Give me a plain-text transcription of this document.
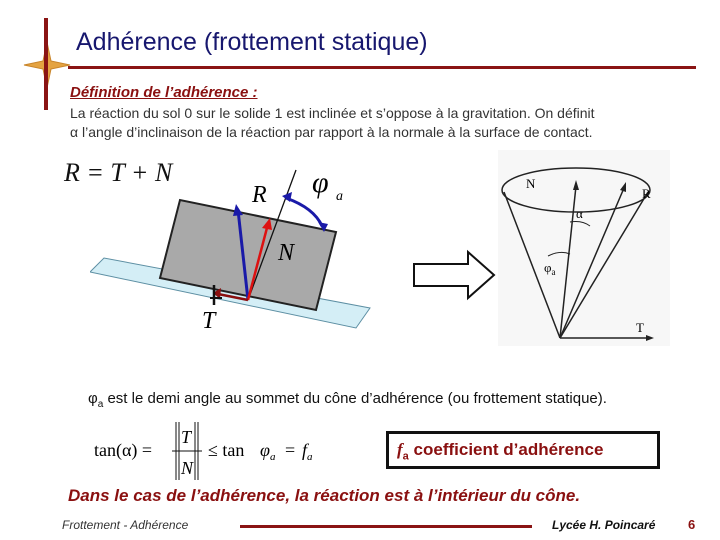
Adhérence (frottement statique)
Définition de l’adhérence :
La réaction du sol 0 sur le solide 1 est inclinée et s’oppose à la gravitation. On définit
α l’angle d’inclinaison de la réaction par rapport à la normale à la surface de contact.
R = T + N
R
N
T
φ a
N
R
T
α
$\varphi_a$
$\varphi_a$ est le demi angle au sommet du cône d’adhérence (ou frottement statique).
tan(α) =
T
N
≤ $\tan \varphi_a = f_a$	$f_a$ coefficient d’adhérence
Dans le cas de l’adhérence, la réaction est à l’intérieur du cône.
Frottement - Adhérence	Lycée H. Poincaré	6
